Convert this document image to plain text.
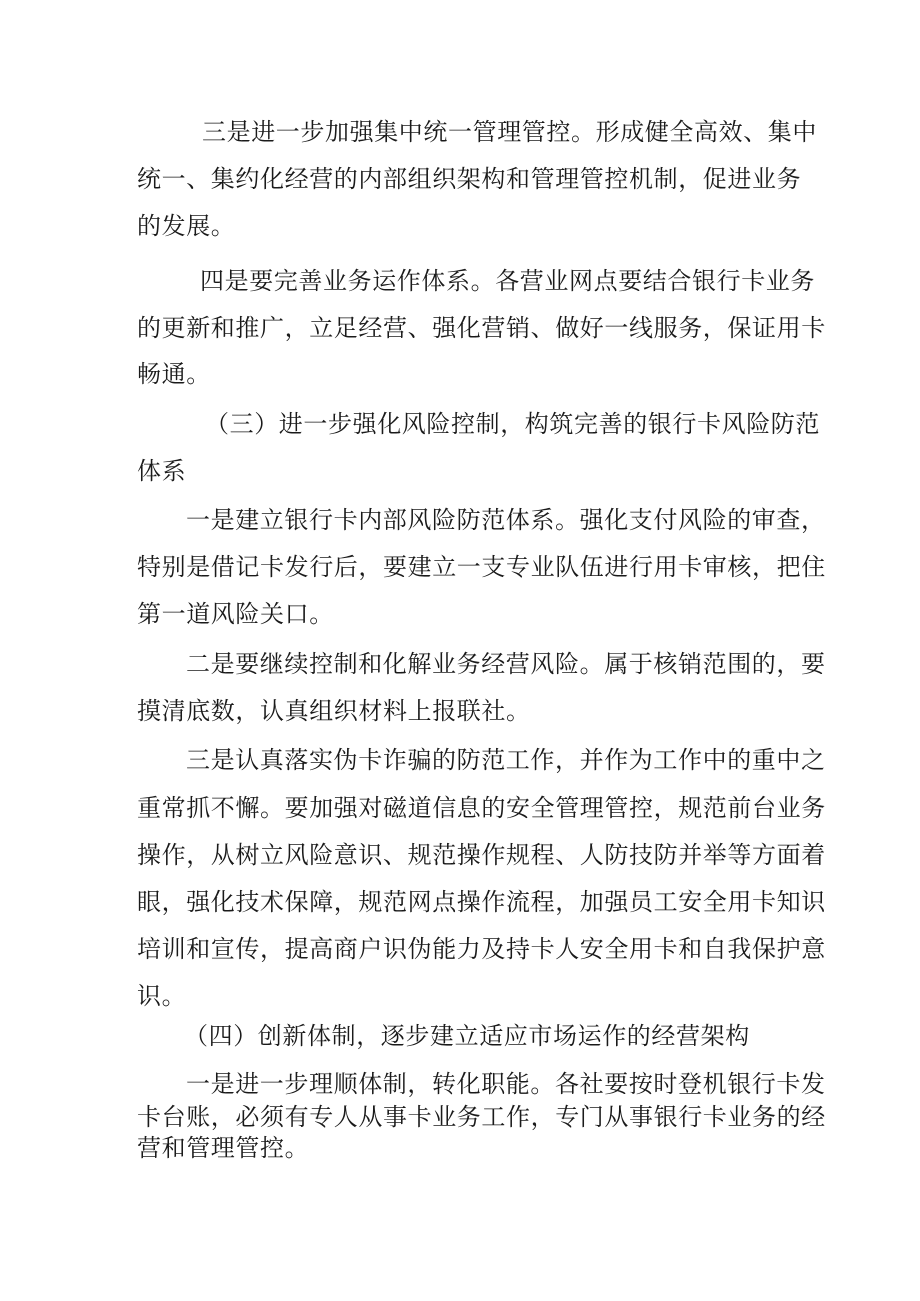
三是进一步加强集中统一管理管控。形成健全高效、集中
统一、集约化经营的内部组织架构和管理管控机制，促进业务
的发展。
四是要完善业务运作体系。各营业网点要结合银行卡业务
的更新和推广，立足经营、强化营销、做好一线服务，保证用卡
畅通。
（三）进一步强化风险控制，构筑完善的银行卡风险防范
体系
一是建立银行卡内部风险防范体系。强化支付风险的审查，
特别是借记卡发行后，要建立一支专业队伍进行用卡审核，把住
第一道风险关口。
二是要继续控制和化解业务经营风险。属于核销范围的，要
摸清底数，认真组织材料上报联社。
三是认真落实伪卡诈骗的防范工作，并作为工作中的重中之
重常抓不懈。要加强对磁道信息的安全管理管控，规范前台业务
操作，从树立风险意识、规范操作规程、人防技防并举等方面着
眼，强化技术保障，规范网点操作流程，加强员工安全用卡知识
培训和宣传，提高商户识伪能力及持卡人安全用卡和自我保护意
识。
（四）创新体制，逐步建立适应市场运作的经营架构
一是进一步理顺体制，转化职能。各社要按时登机银行卡发
卡台账，必须有专人从事卡业务工作，专门从事银行卡业务的经
营和管理管控。
